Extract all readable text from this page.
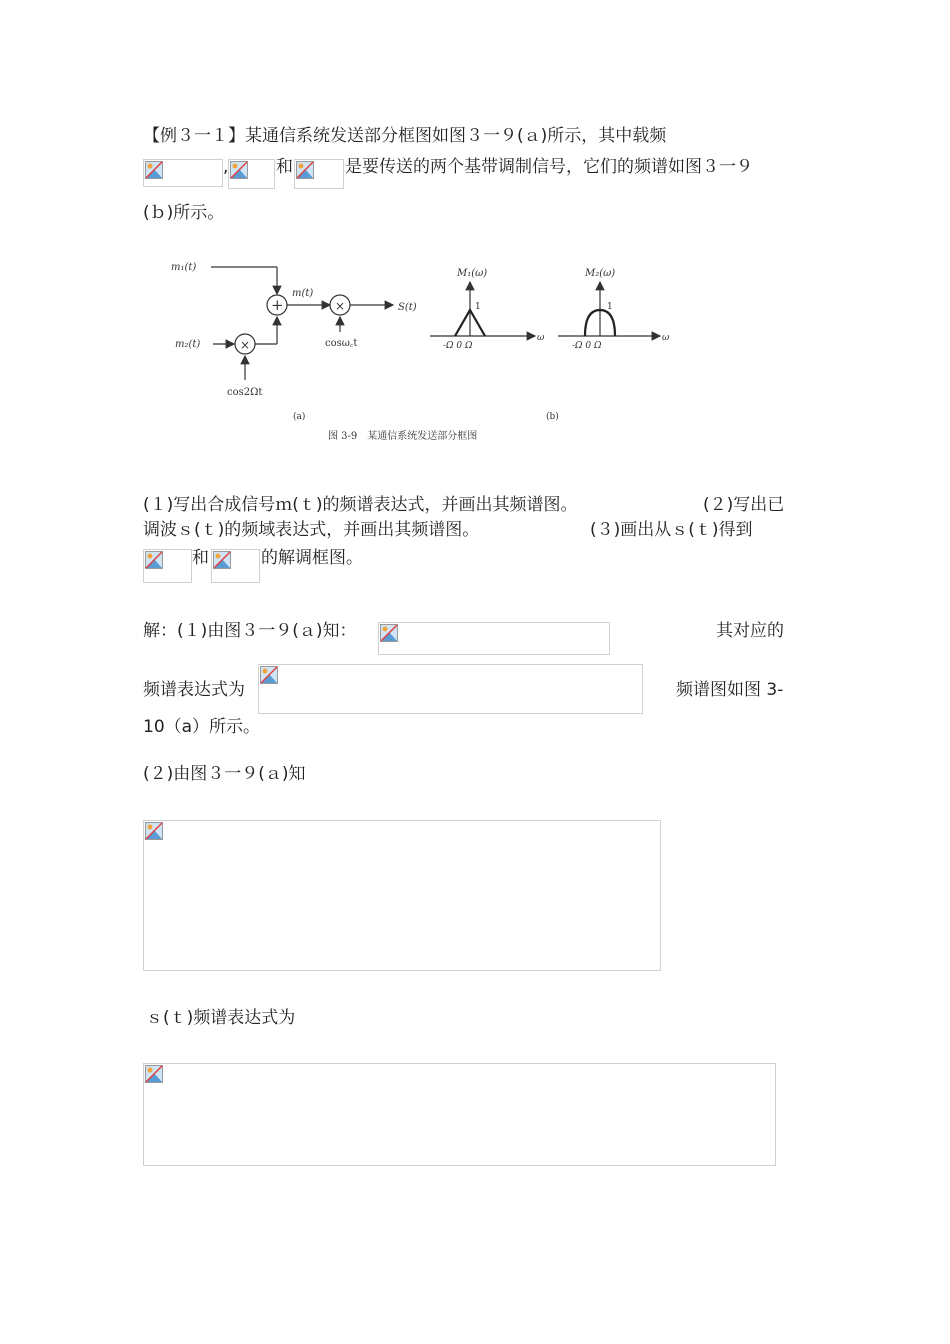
【例３一１】某通信系统发送部分框图如图３一９(ａ)所示，其中载频
,	和	是要传送的两个基带调制信号，它们的频谱如图３一９
(ｂ)所示。
m₁(t)
+
m(t)
×	S(t)
cosω꜀t
m₂(t)	×
cos2Ωt
(a)
M₁(ω)
1
-Ω 0 Ω
ω
M₂(ω)
1
-Ω 0 Ω
ω
(b)
图 3-9　某通信系统发送部分框图
(１)写出合成信号ｍ(ｔ)的频谱表达式，并画出其频谱图。	(２)写出已
调波ｓ(ｔ)的频域表达式，并画出其频谱图。	(３)画出从ｓ(ｔ)得到
和	的解调框图。
解：(１)由图３一９(ａ)知：	其对应的
频谱表达式为	频谱图如图 3-
10（a）所示。
(２)由图３一９(ａ)知
ｓ(ｔ)频谱表达式为
